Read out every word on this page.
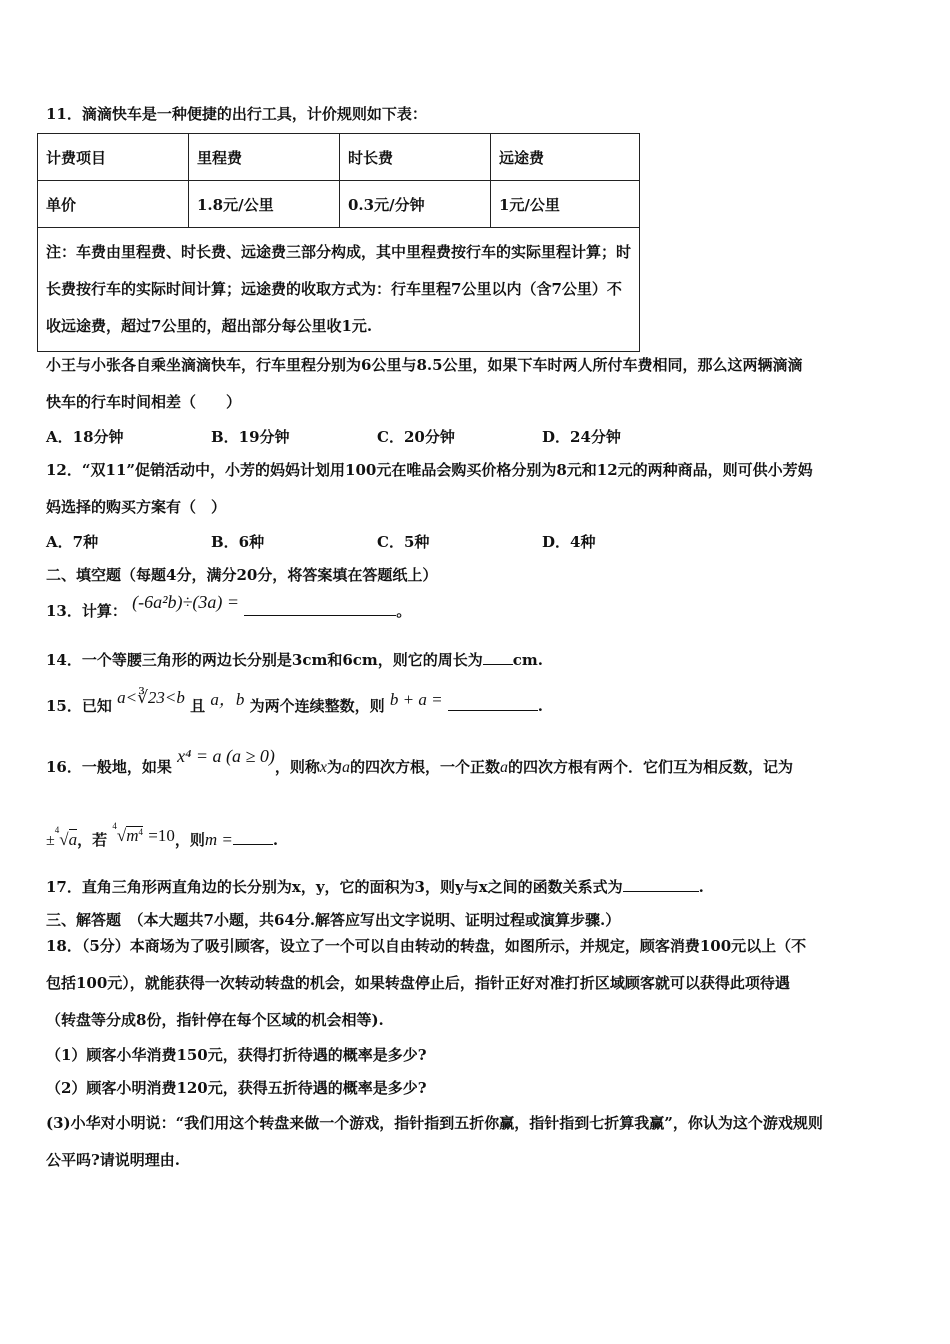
11．滴滴快车是一种便捷的出行工具，计价规则如下表：
计费项目	里程费	时长费	远途费
单价	1.8元/公里	0.3元/分钟	1元/公里
注：车费由里程费、时长费、远途费三部分构成，其中里程费按行车的实际里程计算；时长费按行车的实际时间计算；远途费的收取方式为：行车里程7公里以内（含7公里）不收远途费，超过7公里的，超出部分每公里收1元.			
小王与小张各自乘坐滴滴快车，行车里程分别为6公里与8.5公里，如果下车时两人所付车费相同，那么这两辆滴滴
快车的行车时间相差（　　）
A．18分钟	B．19分钟	C．20分钟	D．24分钟
12．“双11”促销活动中，小芳的妈妈计划用100元在唯品会购买价格分别为8元和12元的两种商品，则可供小芳妈
妈选择的购买方案有（　）
A．7种	B．6种	C．5种	D．4种
二、填空题（每题4分，满分20分，将答案填在答题纸上）
13．计算： (-6a²b)÷(3a) =	。
14．一个等腰三角形的两边长分别是3cm和6cm，则它的周长为 cm.
15．已知 a<∛23<b 且 a，b 为两个连续整数，则 b + a =	.
16．一般地，如果 x⁴ = a (a ≥ 0)，则称x为a的四次方根，一个正数a的四次方根有两个．它们互为相反数，记为
±$^4$√a，若 $^4√m^4 =10$，则m =	.
17．直角三角形两直角边的长分别为x，y，它的面积为3，则y与x之间的函数关系式为	.
三、解答题　（本大题共7小题，共64分.解答应写出文字说明、证明过程或演算步骤.）
18．（5分）本商场为了吸引顾客，设立了一个可以自由转动的转盘，如图所示，并规定，顾客消费100元以上（不
包括100元），就能获得一次转动转盘的机会，如果转盘停止后，指针正好对准打折区域顾客就可以获得此项待遇
（转盘等分成8份，指针停在每个区域的机会相等).
（1）顾客小华消费150元，获得打折待遇的概率是多少?
（2）顾客小明消费120元，获得五折待遇的概率是多少?
(3)小华对小明说：“我们用这个转盘来做一个游戏，指针指到五折你赢，指针指到七折算我赢”，你认为这个游戏规则
公平吗?请说明理由.
